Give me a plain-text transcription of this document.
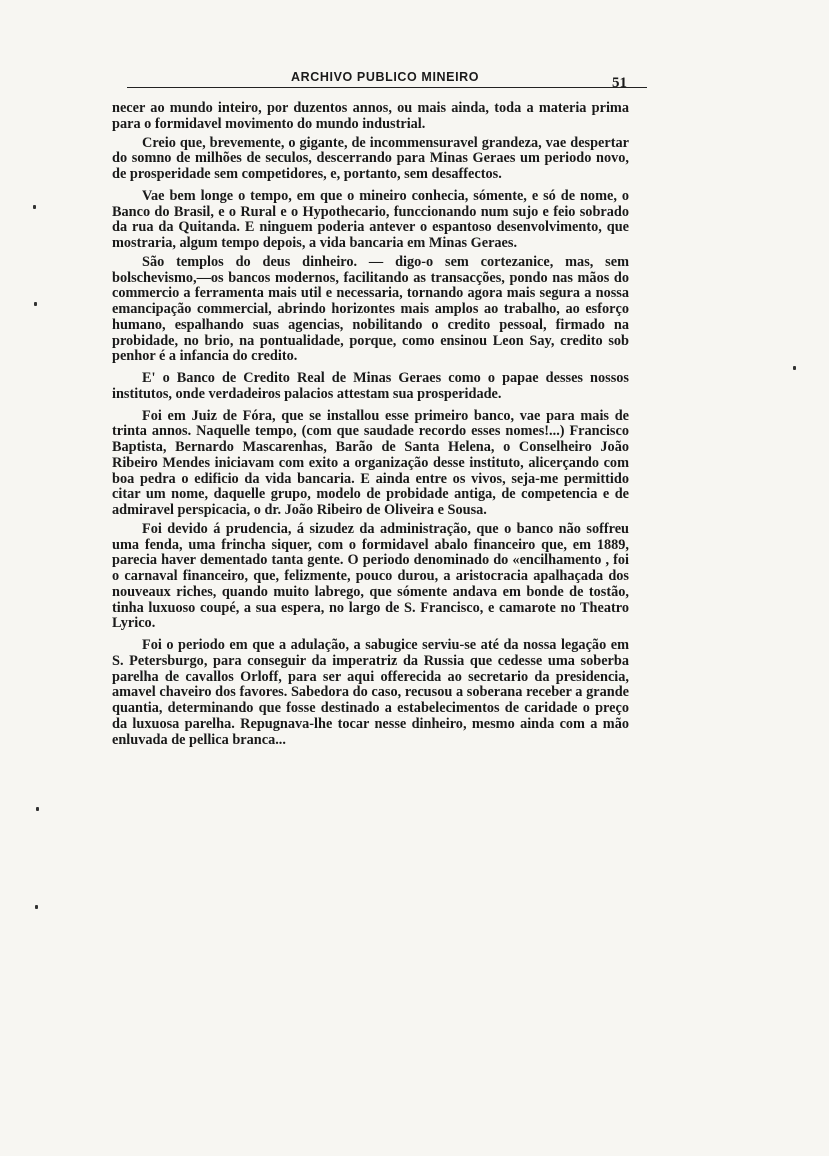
ARCHIVO PUBLICO MINEIRO	51

necer ao mundo inteiro, por duzentos annos, ou mais ainda, toda a materia prima para o formidavel movimento do mundo industrial.

Creio que, brevemente, o gigante, de incommensuravel grandeza, vae despertar do somno de milhões de seculos, descerrando para Minas Geraes um periodo novo, de prosperidade sem competidores, e, portanto, sem desaffectos.

Vae bem longe o tempo, em que o mineiro conhecia, sómente, e só de nome, o Banco do Brasil, e o Rural e o Hypothecario, funccionando num sujo e feio sobrado da rua da Quitanda. E ninguem poderia antever o espantoso desenvolvimento, que mostraria, algum tempo depois, a vida bancaria em Minas Geraes.

São templos do deus dinheiro. — digo-o sem cortezanice, mas, sem bolschevismo,—os bancos modernos, facilitando as transacções, pondo nas mãos do commercio a ferramenta mais util e necessaria, tornando agora mais segura a nossa emancipação commercial, abrindo horizontes mais amplos ao trabalho, ao esforço humano, espalhando suas agencias, nobilitando o credito pessoal, firmado na probidade, no brio, na pontualidade, porque, como ensinou Leon Say, credito sob penhor é a infancia do credito.

E' o Banco de Credito Real de Minas Geraes como o papae desses nossos institutos, onde verdadeiros palacios attestam sua prosperidade.

Foi em Juiz de Fóra, que se installou esse primeiro banco, vae para mais de trinta annos. Naquelle tempo, (com que saudade recordo esses nomes!...) Francisco Baptista, Bernardo Mascarenhas, Barão de Santa Helena, o Conselheiro João Ribeiro Mendes iniciavam com exito a organização desse instituto, alicerçando com boa pedra o edificio da vida bancaria. E ainda entre os vivos, seja-me permittido citar um nome, daquelle grupo, modelo de probidade antiga, de competencia e de admiravel perspicacia, o dr. João Ribeiro de Oliveira e Sousa.

Foi devido á prudencia, á sizudez da administração, que o banco não soffreu uma fenda, uma frincha siquer, com o formidavel abalo financeiro que, em 1889, parecia haver dementado tanta gente. O periodo denominado do «encilhamento , foi o carnaval financeiro, que, felizmente, pouco durou, a aristocracia apalhaçada dos nouveaux riches, quando muito labrego, que sómente andava em bonde de tostão, tinha luxuoso coupé, a sua espera, no largo de S. Francisco, e camarote no Theatro Lyrico.

Foi o periodo em que a adulação, a sabugice serviu-se até da nossa legação em S. Petersburgo, para conseguir da imperatriz da Russia que cedesse uma soberba parelha de cavallos Orloff, para ser aqui offerecida ao secretario da presidencia, amavel chaveiro dos favores. Sabedora do caso, recusou a soberana receber a grande quantia, determinando que fosse destinado a estabelecimentos de caridade o preço da luxuosa parelha. Repugnava-lhe tocar nesse dinheiro, mesmo ainda com a mão enluvada de pellica branca...
